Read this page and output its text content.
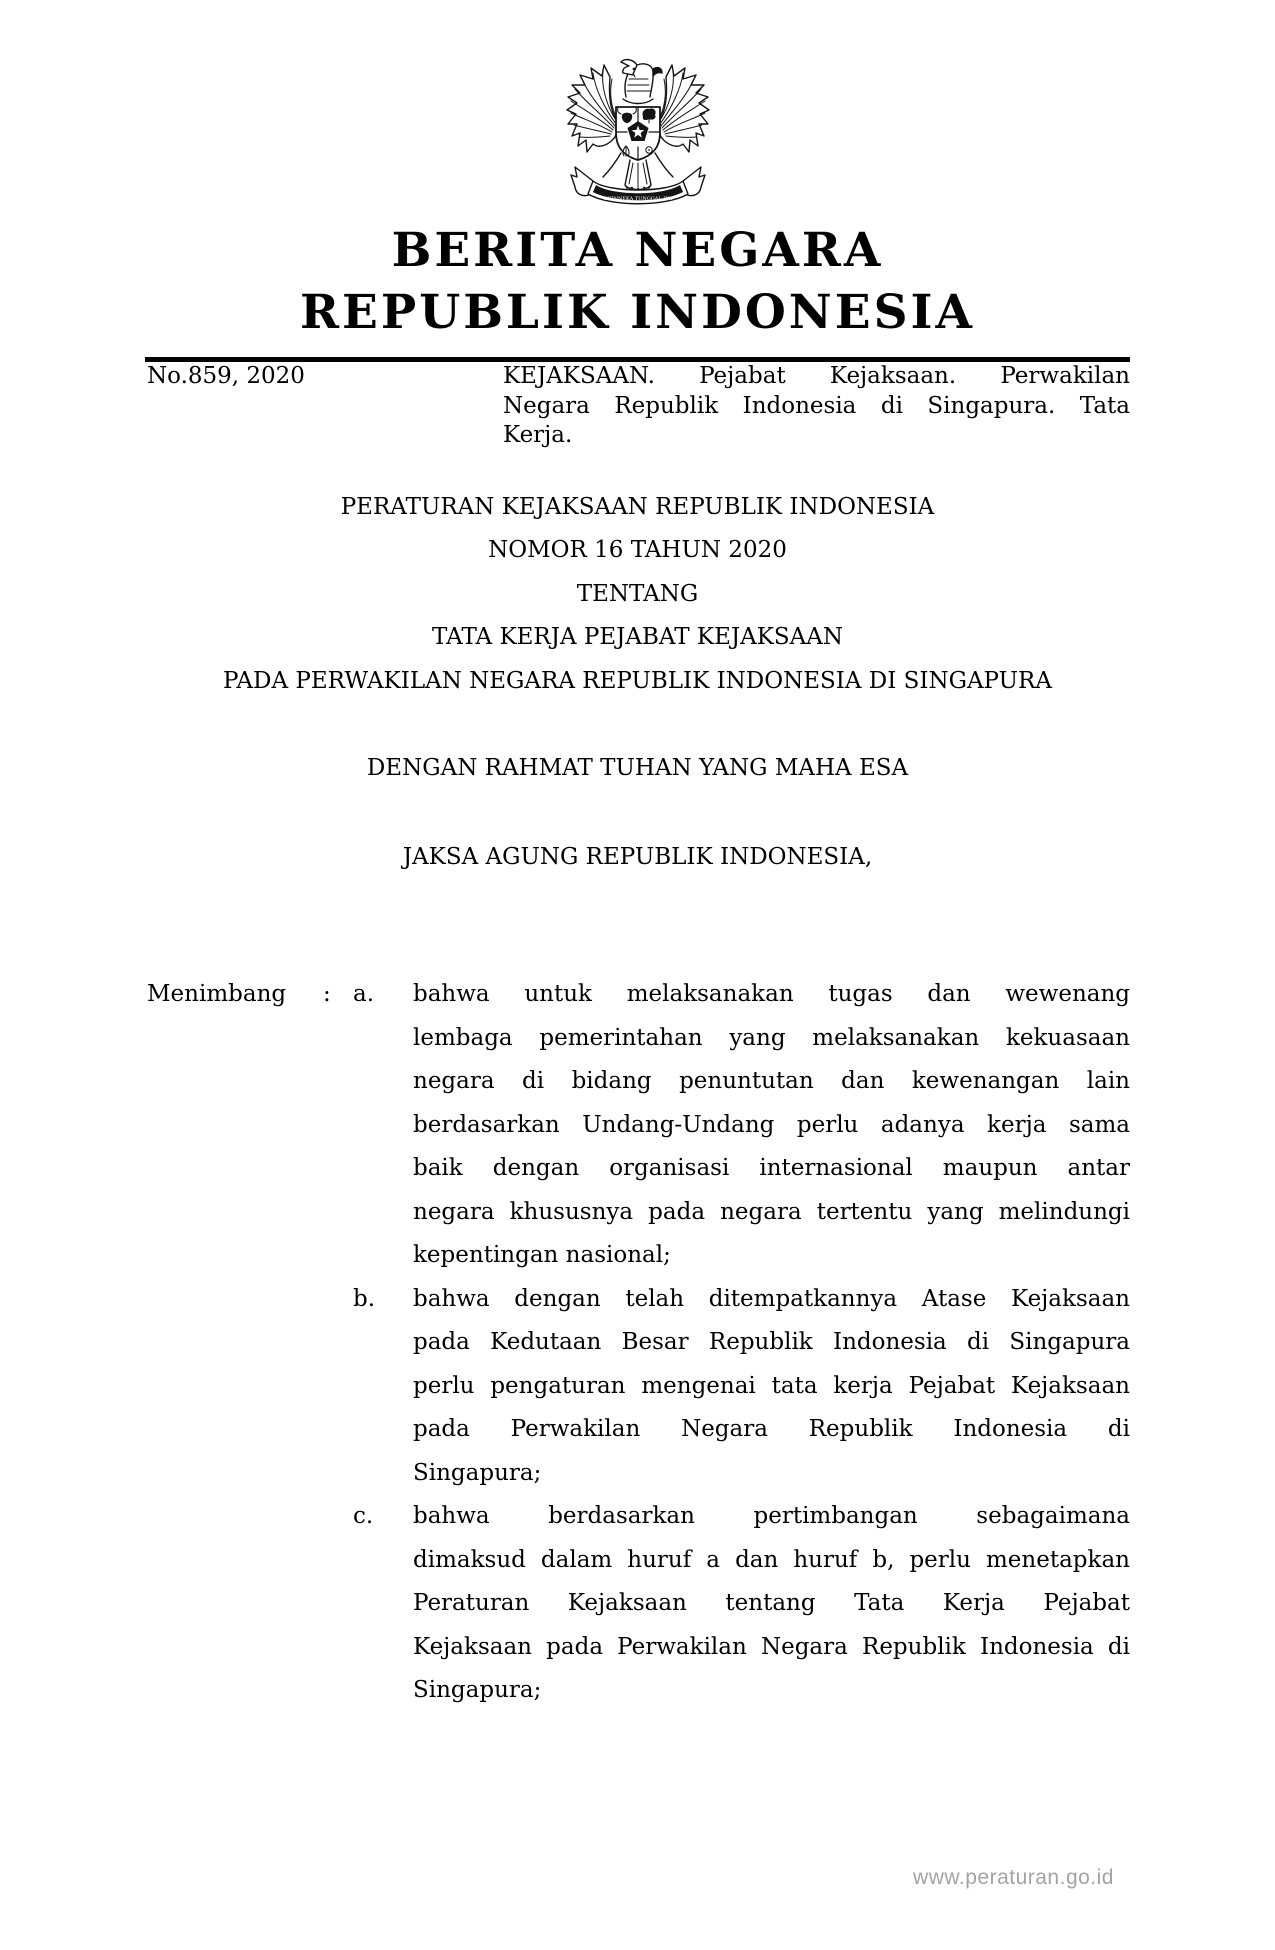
BHINNEKA TUNGGAL IKA
BERITA NEGARA
REPUBLIK INDONESIA
No.859, 2020	KEJAKSAAN. Pejabat Kejaksaan. Perwakilan
Negara Republik Indonesia di Singapura. Tata
Kerja.
PERATURAN KEJAKSAAN REPUBLIK INDONESIA
NOMOR 16 TAHUN 2020
TENTANG
TATA KERJA PEJABAT KEJAKSAAN
PADA PERWAKILAN NEGARA REPUBLIK INDONESIA DI SINGAPURA
DENGAN RAHMAT TUHAN YANG MAHA ESA
JAKSA AGUNG REPUBLIK INDONESIA,
Menimbang	: a.	bahwa untuk melaksanakan tugas dan wewenang
lembaga pemerintahan yang melaksanakan kekuasaan
negara di bidang penuntutan dan kewenangan lain
berdasarkan Undang-Undang perlu adanya kerja sama
baik dengan organisasi internasional maupun antar
negara khususnya pada negara tertentu yang melindungi
kepentingan nasional;
b.	bahwa dengan telah ditempatkannya Atase Kejaksaan
pada Kedutaan Besar Republik Indonesia di Singapura
perlu pengaturan mengenai tata kerja Pejabat Kejaksaan
pada Perwakilan Negara Republik Indonesia di
Singapura;
c.	bahwa berdasarkan pertimbangan sebagaimana
dimaksud dalam huruf a dan huruf b, perlu menetapkan
Peraturan Kejaksaan tentang Tata Kerja Pejabat
Kejaksaan pada Perwakilan Negara Republik Indonesia di
Singapura;
www.peraturan.go.id
